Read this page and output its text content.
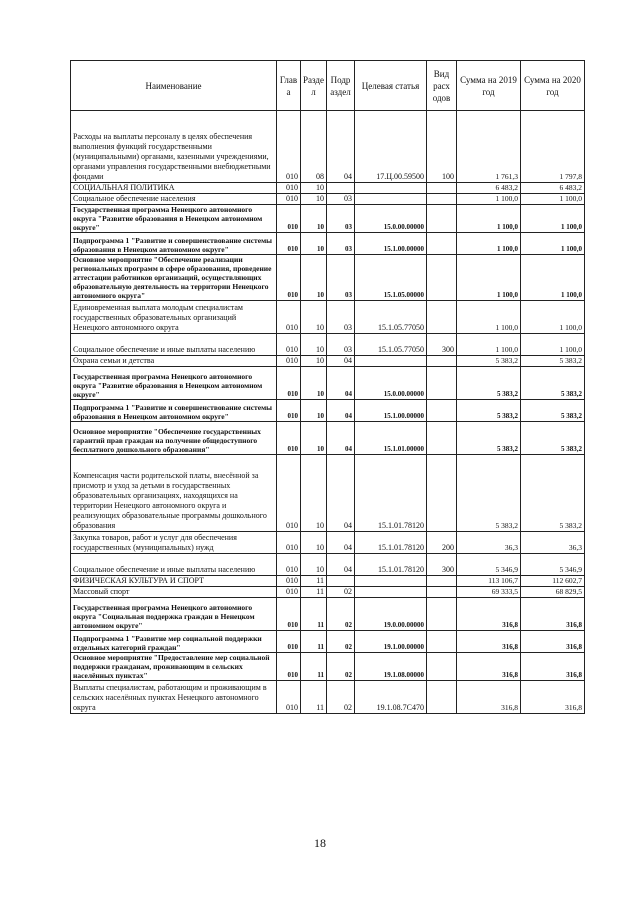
Наименование	Глав а	Разде л	Подр аздел	Целевая статья	Вид расх одов	Сумма на 2019 год	Сумма на 2020 год
Расходы на выплаты персоналу в целях обеспечения выполнения функций государственными (муниципальными) органами, казенными учреждениями, органами управления государственными внебюджетными фондами	010	08	04	17.Ц.00.59500	100	1 761,3	1 797,8
СОЦИАЛЬНАЯ ПОЛИТИКА	010	10				6 483,2	6 483,2
Социальное обеспечение населения	010	10	03			1 100,0	1 100,0
Государственная программа Ненецкого автономного округа "Развитие образования в Ненецком автономном округе"	010	10	03	15.0.00.00000		1 100,0	1 100,0
Подпрограмма 1 "Развитие и совершенствование системы образования в Ненецком автономном округе"	010	10	03	15.1.00.00000		1 100,0	1 100,0
Основное мероприятие "Обеспечение реализации региональных программ в сфере образования, проведение аттестации работников организаций, осуществляющих образовательную деятельность на территории Ненецкого автономного округа"	010	10	03	15.1.05.00000		1 100,0	1 100,0
Единовременная выплата молодым специалистам государственных образовательных организаций Ненецкого автономного округа	010	10	03	15.1.05.77050		1 100,0	1 100,0
Социальное обеспечение и иные выплаты населению	010	10	03	15.1.05.77050	300	1 100,0	1 100,0
Охрана семьи и детства	010	10	04			5 383,2	5 383,2
Государственная программа Ненецкого автономного округа "Развитие образования в Ненецком автономном округе"	010	10	04	15.0.00.00000		5 383,2	5 383,2
Подпрограмма 1 "Развитие и совершенствование системы образования в Ненецком автономном округе"	010	10	04	15.1.00.00000		5 383,2	5 383,2
Основное мероприятие "Обеспечение государственных гарантий прав граждан на получение общедоступного бесплатного дошкольного образования"	010	10	04	15.1.01.00000		5 383,2	5 383,2
Компенсация части родительской платы, внесённой за присмотр и уход за детьми в государственных образовательных организациях, находящихся на территории Ненецкого автономного округа и реализующих образовательные программы дошкольного образования	010	10	04	15.1.01.78120		5 383,2	5 383,2
Закупка товаров, работ и услуг для обеспечения государственных (муниципальных) нужд	010	10	04	15.1.01.78120	200	36,3	36,3
Социальное обеспечение и иные выплаты населению	010	10	04	15.1.01.78120	300	5 346,9	5 346,9
ФИЗИЧЕСКАЯ КУЛЬТУРА И СПОРТ	010	11				113 106,7	112 602,7
Массовый спорт	010	11	02			69 333,5	68 829,5
Государственная программа Ненецкого автономного округа "Социальная поддержка граждан в Ненецком автономном округе"	010	11	02	19.0.00.00000		316,8	316,8
Подпрограмма 1 "Развитие мер социальной поддержки отдельных категорий граждан"	010	11	02	19.1.00.00000		316,8	316,8
Основное мероприятие "Предоставление мер социальной поддержки гражданам, проживающим в сельских населённых пунктах"	010	11	02	19.1.08.00000		316,8	316,8
Выплаты специалистам, работающим и проживающим в сельских населённых пунктах Ненецкого автономного округа	010	11	02	19.1.08.7С470		316,8	316,8
18
